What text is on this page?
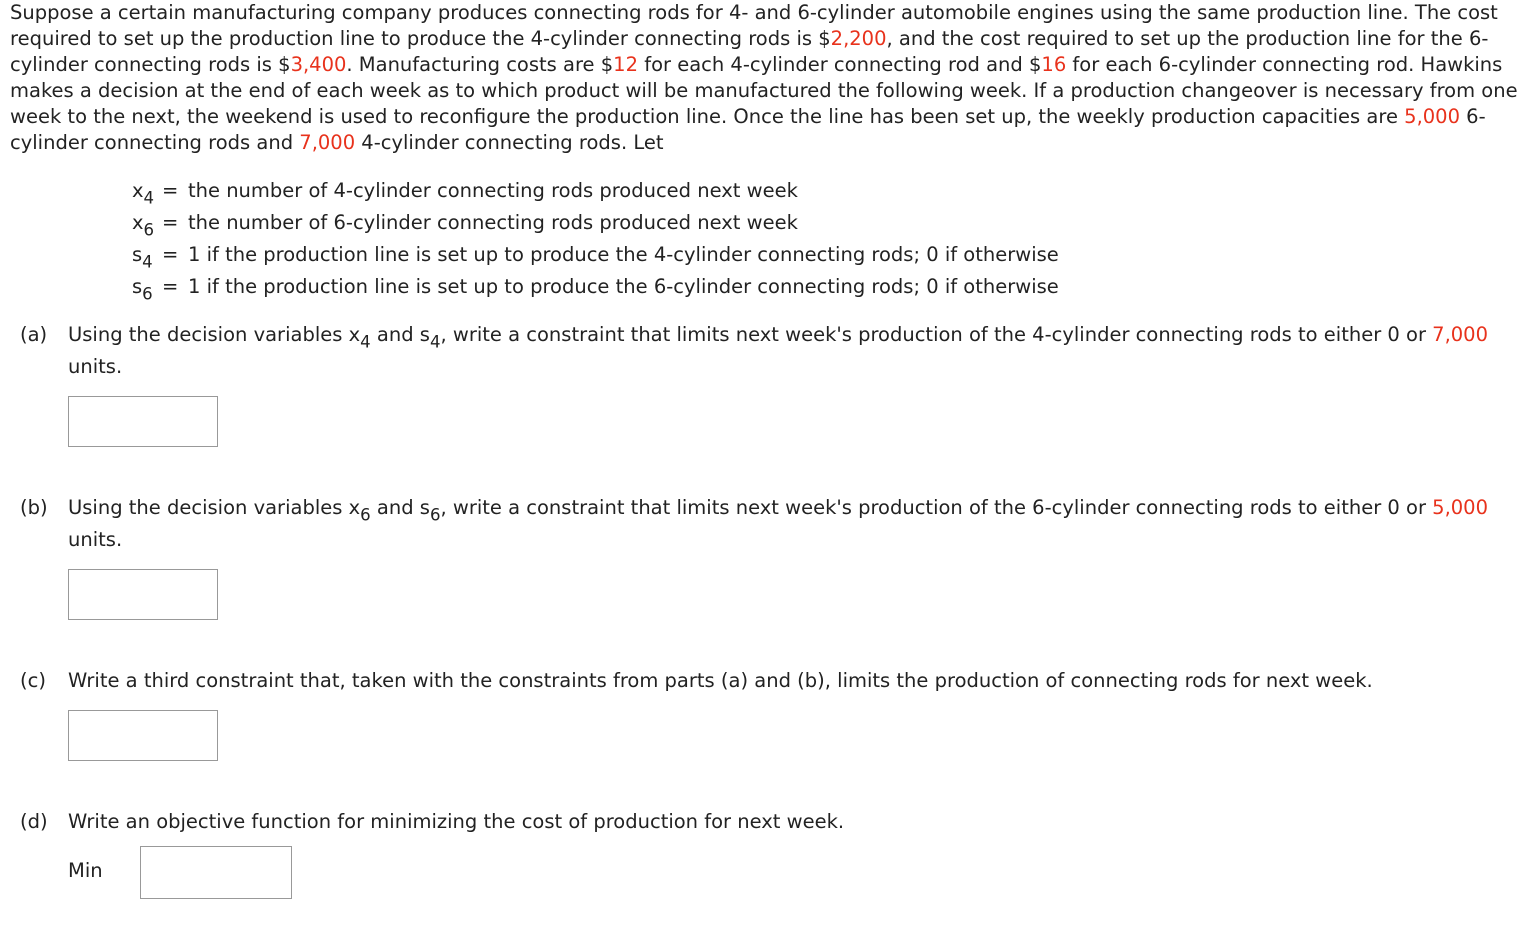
Suppose a certain manufacturing company produces connecting rods for 4- and 6-cylinder automobile engines using the same production line. The cost required to set up the production line to produce the 4-cylinder connecting rods is $2,200, and the cost required to set up the production line for the 6-cylinder connecting rods is $3,400. Manufacturing costs are $12 for each 4-cylinder connecting rod and $16 for each 6-cylinder connecting rod. Hawkins makes a decision at the end of each week as to which product will be manufactured the following week. If a production changeover is necessary from one week to the next, the weekend is used to reconfigure the production line. Once the line has been set up, the weekly production capacities are 5,000 6-cylinder connecting rods and 7,000 4-cylinder connecting rods. Let

$x_4$ = the number of 4-cylinder connecting rods produced next week
$x_6$ = the number of 6-cylinder connecting rods produced next week
$s_4 = 1$ if the production line is set up to produce the 4-cylinder connecting rods; 0 if otherwise
$s_6 = 1$ if the production line is set up to produce the 6-cylinder connecting rods; 0 if otherwise
(a) Using the decision variables $x_4$ and $s_4$, write a constraint that limits next week's production of the 4-cylinder connecting rods to either 0 or 7,000 units.
(b) Using the decision variables $x_6$ and $s_6$, write a constraint that limits next week's production of the 6-cylinder connecting rods to either 0 or 5,000 units.
(c) Write a third constraint that, taken with the constraints from parts (a) and (b), limits the production of connecting rods for next week.
(d) Write an objective function for minimizing the cost of production for next week.
Min
